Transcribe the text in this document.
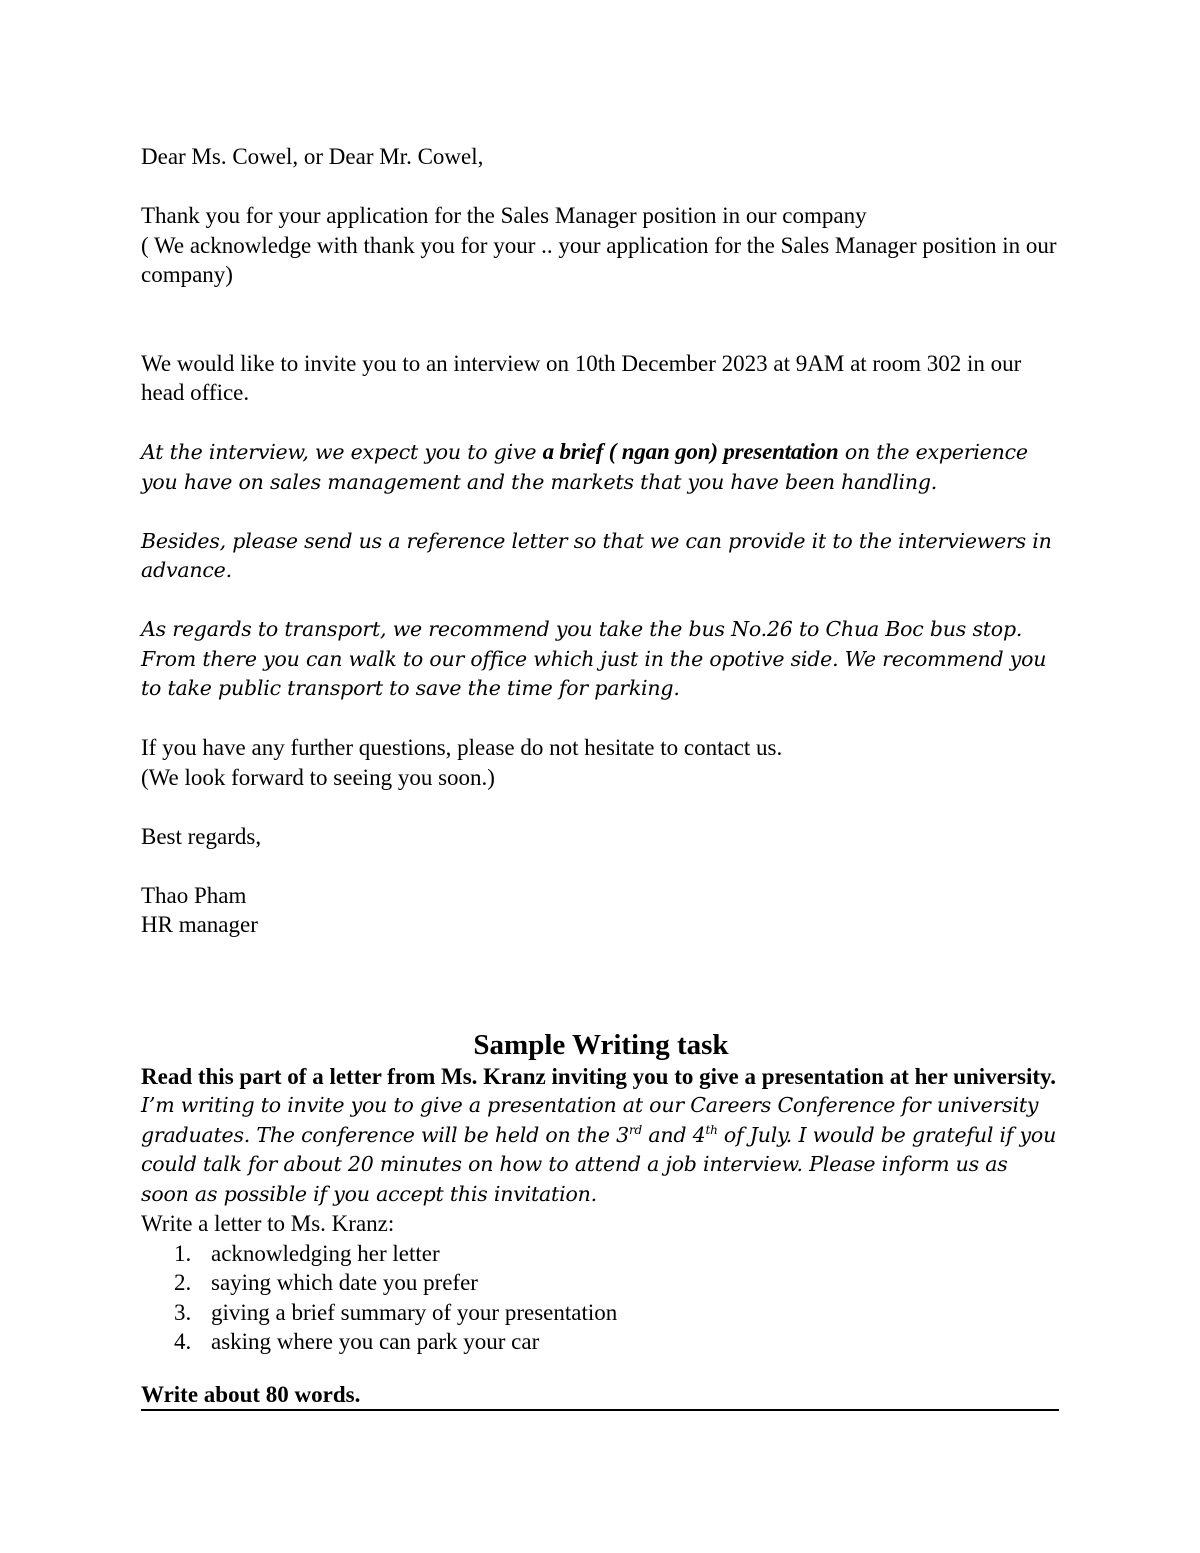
Dear Ms. Cowel, or Dear Mr. Cowel,

Thank you for your application for the Sales Manager position in our company

( We acknowledge with thank you for your .. your application for the Sales Manager position in our company)

We would like to invite you to an interview on 10th December 2023 at 9AM at room 302 in our head office.

At the interview, we expect you to give a brief ( ngan gon) presentation on the experience you have on sales management and the markets that you have been handling.

Besides, please send us a reference letter so that we can provide it to the interviewers in advance.

As regards to transport, we recommend you take the bus No.26 to Chua Boc bus stop. From there you can walk to our office which just in the opotive side. We recommend you to take public transport to save the time for parking.

If you have any further questions, please do not hesitate to contact us.

(We look forward to seeing you soon.)

Best regards,

Thao Pham

HR manager

Sample Writing task

Read this part of a letter from Ms. Kranz inviting you to give a presentation at her university.

I’m writing to invite you to give a presentation at our Careers Conference for university graduates. The conference will be held on the 3rd and 4th of July. I would be grateful if you could talk for about 20 minutes on how to attend a job interview. Please inform us as soon as possible if you accept this invitation.

Write a letter to Ms. Kranz:

1. acknowledging her letter
2. saying which date you prefer
3. giving a brief summary of your presentation
4. asking where you can park your car

Write about 80 words.
